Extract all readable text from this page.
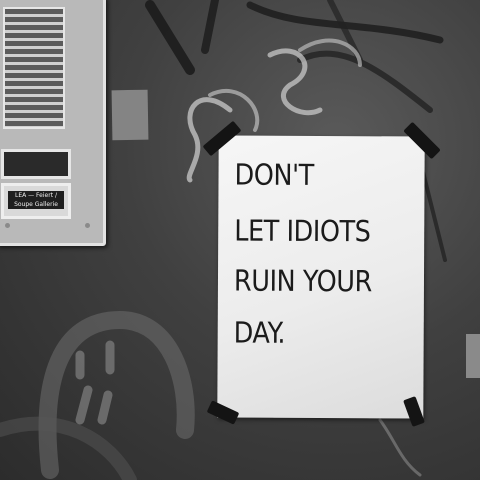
LEA — Feiert / Soupe Gallerie

DON'T

LET IDIOTS

RUIN YOUR

DAY.
